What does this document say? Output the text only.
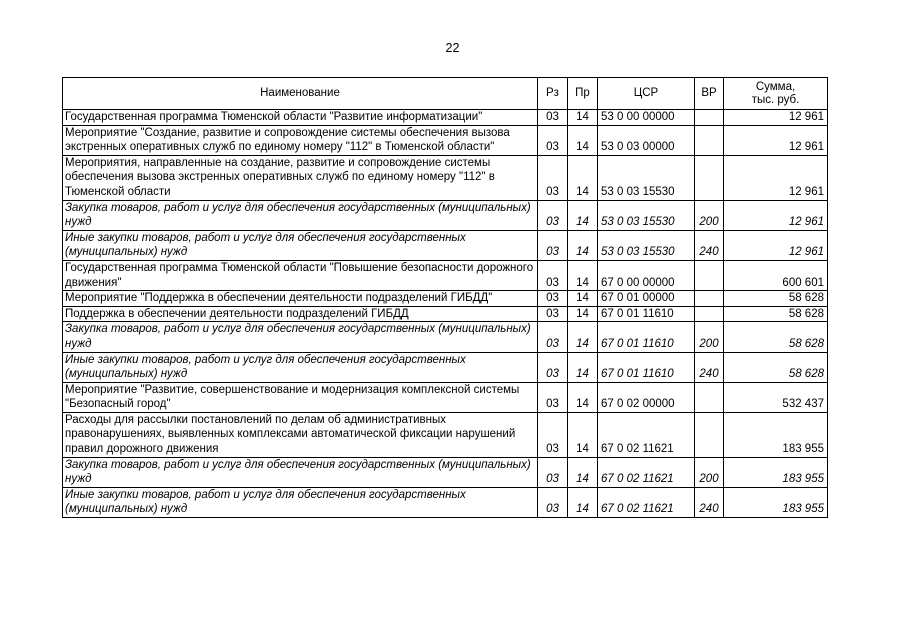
22
Наименование	Рз	Пр	ЦСР	ВР	Сумма,
тыс. руб.
Государственная программа Тюменской области "Развитие информатизации"	03	14	53 0 00 00000		12 961
Мероприятие "Создание, развитие и сопровождение системы обеспечения вызова экстренных оперативных служб по единому номеру "112" в Тюменской области"	03	14	53 0 03 00000		12 961
Мероприятия, направленные на создание, развитие и сопровождение системы обеспечения вызова экстренных оперативных служб по единому номеру "112" в Тюменской области	03	14	53 0 03 15530		12 961
Закупка товаров, работ и услуг для обеспечения государственных (муниципальных) нужд	03	14	53 0 03 15530	200	12 961
Иные закупки товаров, работ и услуг для обеспечения государственных (муниципальных) нужд	03	14	53 0 03 15530	240	12 961
Государственная программа Тюменской области "Повышение безопасности дорожного движения"	03	14	67 0 00 00000		600 601
Мероприятие "Поддержка в обеспечении деятельности подразделений ГИБДД"	03	14	67 0 01 00000		58 628
Поддержка в обеспечении деятельности подразделений ГИБДД	03	14	67 0 01 11610		58 628
Закупка товаров, работ и услуг для обеспечения государственных (муниципальных) нужд	03	14	67 0 01 11610	200	58 628
Иные закупки товаров, работ и услуг для обеспечения государственных (муниципальных) нужд	03	14	67 0 01 11610	240	58 628
Мероприятие "Развитие, совершенствование и модернизация комплексной системы "Безопасный город"	03	14	67 0 02 00000		532 437
Расходы для рассылки постановлений по делам об административных правонарушениях, выявленных комплексами автоматической фиксации нарушений правил дорожного движения	03	14	67 0 02 11621		183 955
Закупка товаров, работ и услуг для обеспечения государственных (муниципальных) нужд	03	14	67 0 02 11621	200	183 955
Иные закупки товаров, работ и услуг для обеспечения государственных (муниципальных) нужд	03	14	67 0 02 11621	240	183 955
